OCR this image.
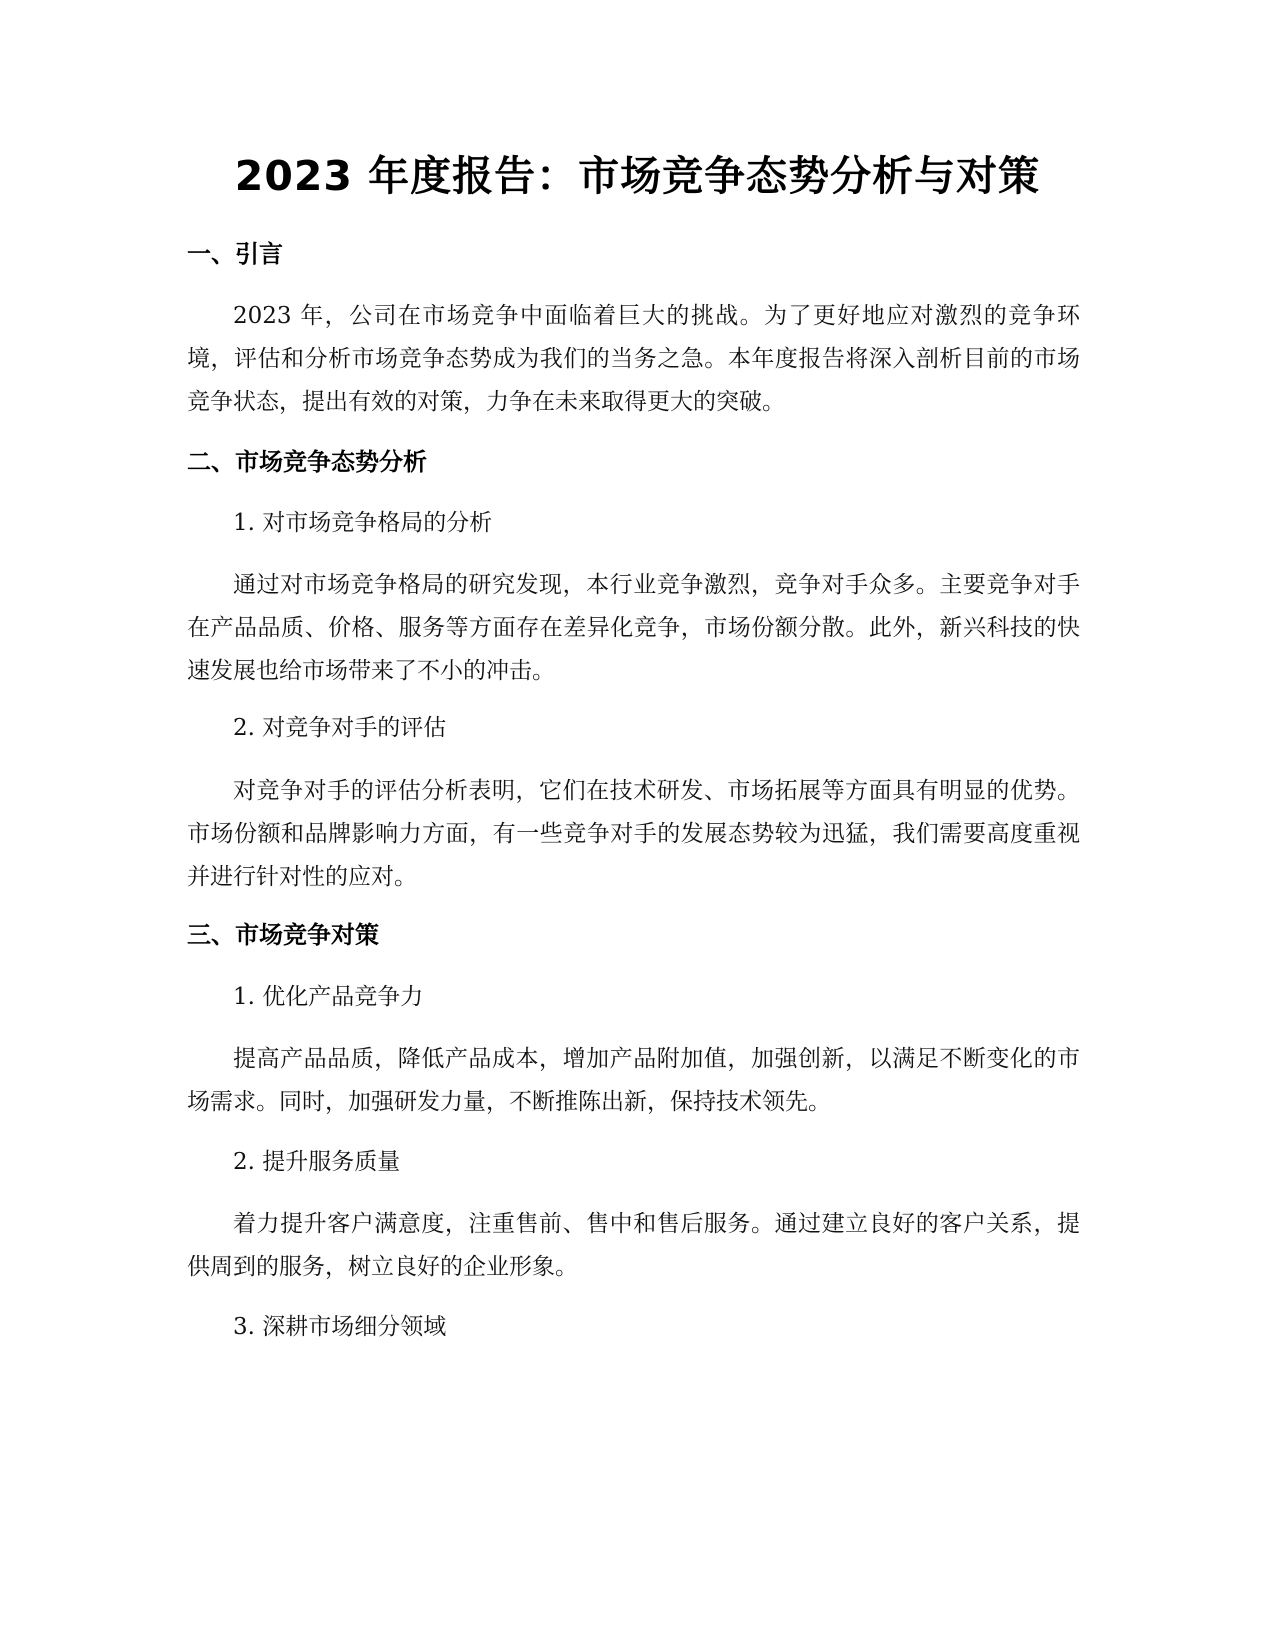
2023 年度报告：市场竞争态势分析与对策
一、引言

2023 年，公司在市场竞争中面临着巨大的挑战。为了更好地应对激烈的竞争环境，评估和分析市场竞争态势成为我们的当务之急。本年度报告将深入剖析目前的市场竞争状态，提出有效的对策，力争在未来取得更大的突破。

二、市场竞争态势分析

1. 对市场竞争格局的分析

通过对市场竞争格局的研究发现，本行业竞争激烈，竞争对手众多。主要竞争对手在产品品质、价格、服务等方面存在差异化竞争，市场份额分散。此外，新兴科技的快速发展也给市场带来了不小的冲击。

2. 对竞争对手的评估

对竞争对手的评估分析表明，它们在技术研发、市场拓展等方面具有明显的优势。市场份额和品牌影响力方面，有一些竞争对手的发展态势较为迅猛，我们需要高度重视并进行针对性的应对。

三、市场竞争对策

1. 优化产品竞争力

提高产品品质，降低产品成本，增加产品附加值，加强创新，以满足不断变化的市场需求。同时，加强研发力量，不断推陈出新，保持技术领先。

2. 提升服务质量

着力提升客户满意度，注重售前、售中和售后服务。通过建立良好的客户关系，提供周到的服务，树立良好的企业形象。

3. 深耕市场细分领域
